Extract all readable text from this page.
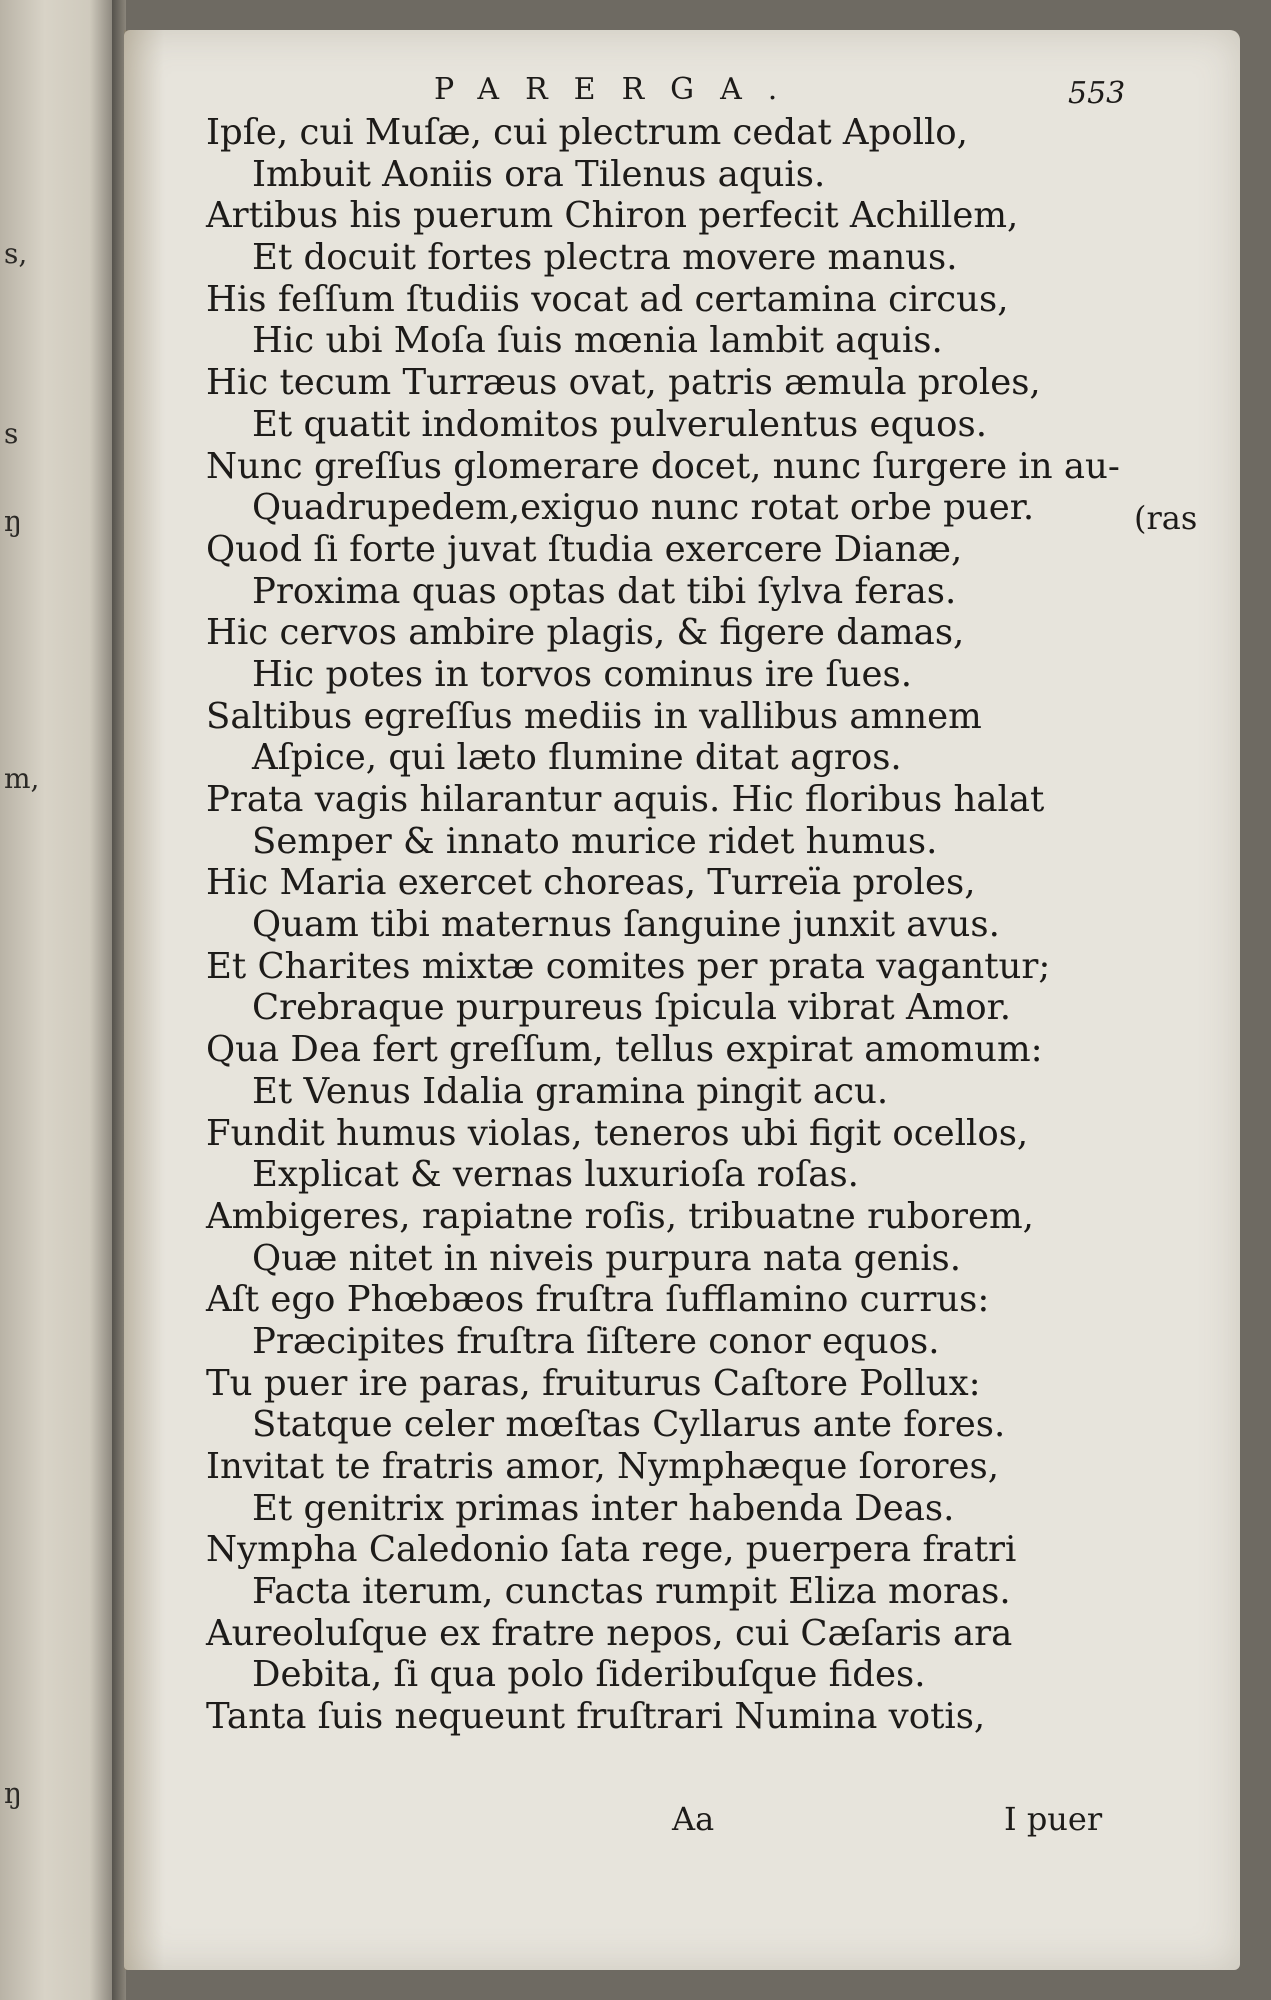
s,
s
ŋ
m,
ŋ
PARERGA.	553
Ipſe, cui Muſæ, cui plectrum cedat Apollo,
Imbuit Aoniis ora Tilenus aquis.
Artibus his puerum Chiron perfecit Achillem,
Et docuit fortes plectra movere manus.
His feſſum ſtudiis vocat ad certamina circus,
Hic ubi Moſa ſuis mœnia lambit aquis.
Hic tecum Turræus ovat, patris æmula proles,
Et quatit indomitos pulverulentus equos.
Nunc greſſus glomerare docet, nunc ſurgere in au-
Quadrupedem,exiguo nunc rotat orbe puer.
Quod ſi forte juvat ſtudia exercere Dianæ,
Proxima quas optas dat tibi ſylva feras.
Hic cervos ambire plagis, & figere damas,
Hic potes in torvos cominus ire ſues.
Saltibus egreſſus mediis in vallibus amnem
Aſpice, qui læto flumine ditat agros.
Prata vagis hilarantur aquis. Hic floribus halat
Semper & innato murice ridet humus.
Hic Maria exercet choreas, Turreïa proles,
Quam tibi maternus ſanguine junxit avus.
Et Charites mixtæ comites per prata vagantur;
Crebraque purpureus ſpicula vibrat Amor.
Qua Dea fert greſſum, tellus expirat amomum:
Et Venus Idalia gramina pingit acu.
Fundit humus violas, teneros ubi figit ocellos,
Explicat & vernas luxurioſa roſas.
Ambigeres, rapiatne roſis, tribuatne ruborem,
Quæ nitet in niveis purpura nata genis.
Aſt ego Phœbæos fruſtra ſufflamino currus:
Præcipites fruſtra ſiſtere conor equos.
Tu puer ire paras, fruiturus Caſtore Pollux:
Statque celer mœſtas Cyllarus ante fores.
Invitat te fratris amor, Nymphæque ſorores,
Et genitrix primas inter habenda Deas.
Nympha Caledonio ſata rege, puerpera fratri
Facta iterum, cunctas rumpit Eliza moras.
Aureoluſque ex fratre nepos, cui Cæſaris ara
Debita, ſi qua polo ſideribuſque fides.
Tanta ſuis nequeunt fruſtrari Numina votis,
(ras
Aa	I puer
